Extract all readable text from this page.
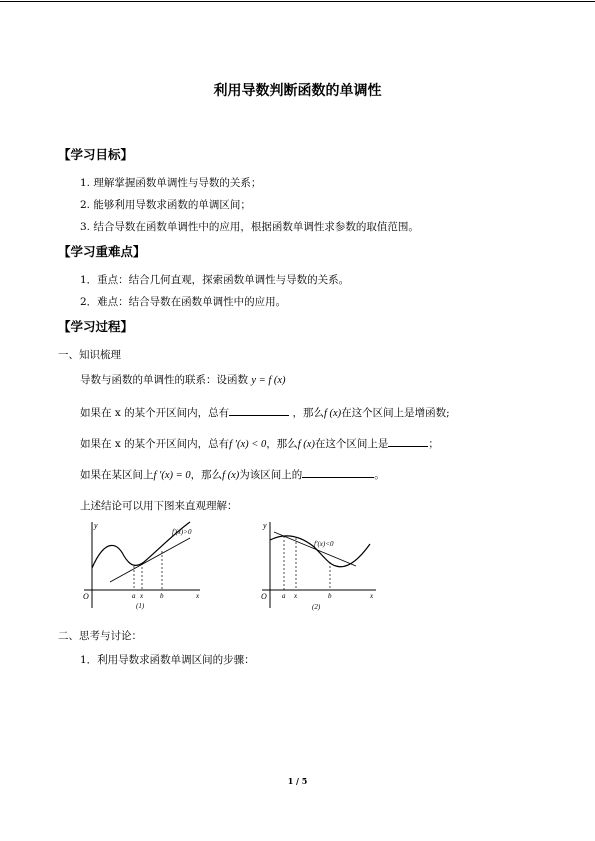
利用导数判断函数的单调性
【学习目标】
1. 理解掌握函数单调性与导数的关系；
2. 能够利用导数求函数的单调区间；
3. 结合导数在函数单调性中的应用，根据函数单调性求参数的取值范围。
【学习重难点】
1．重点：结合几何直观，探索函数单调性与导数的关系。
2．难点：结合导数在函数单调性中的应用。
【学习过程】
一、知识梳理
导数与函数的单调性的联系：设函数 y = f (x)
如果在 x 的某个开区间内，总有	，那么f (x)在这个区间上是增函数;
如果在 x 的某个开区间内，总有f ′(x) < 0，那么f (x)在这个区间上是	；
如果在某区间上f ′(x) = 0，那么f (x)为该区间上的	。
上述结论可以用下图来直观理解：
y
O	a x b	x
f′(x)>0
(1)
y
O a x	b	x
f′(x)<0
(2)
二、思考与讨论：
1．利用导数求函数单调区间的步骤：
1 / 5
